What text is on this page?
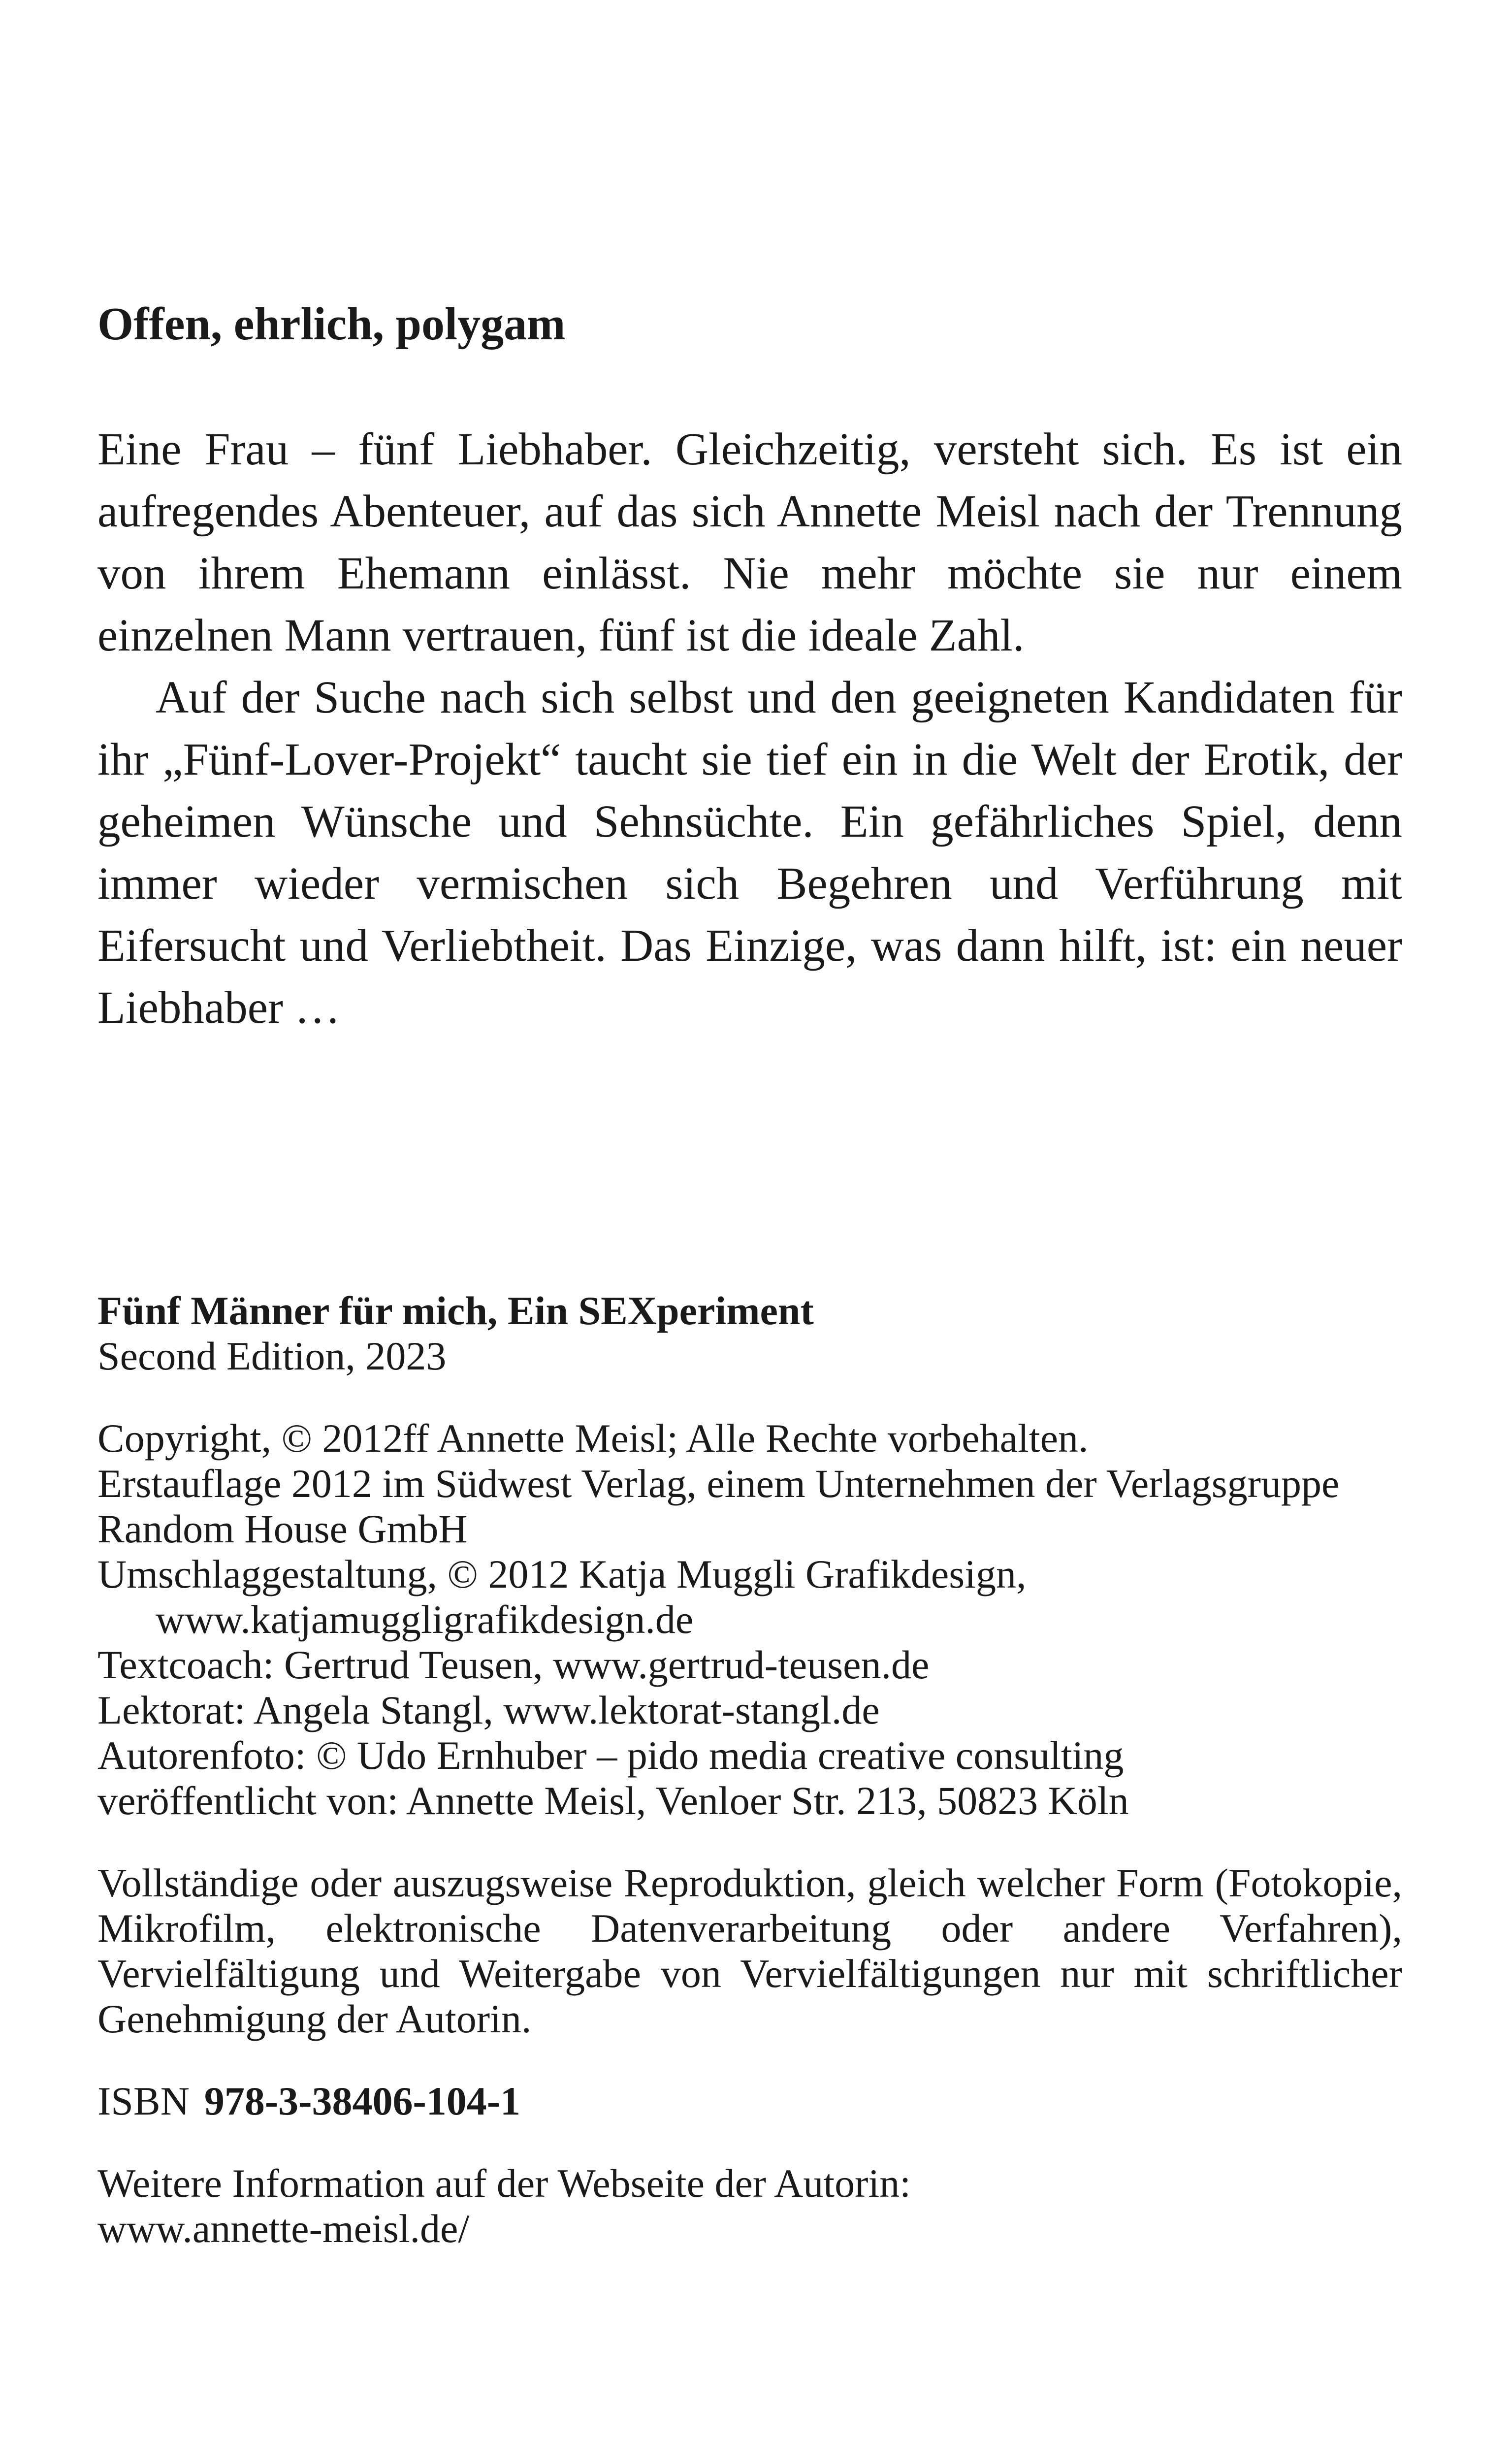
Offen, ehrlich, polygam

Eine Frau – fünf Liebhaber. Gleichzeitig, versteht sich. Es ist ein aufregendes Abenteuer, auf das sich Annette Meisl nach der Trennung von ihrem Ehemann einlässt. Nie mehr möchte sie nur einem einzelnen Mann vertrauen, fünf ist die ideale Zahl.

Auf der Suche nach sich selbst und den geeigneten Kandidaten für ihr „Fünf-Lover-Projekt“ taucht sie tief ein in die Welt der Erotik, der geheimen Wünsche und Sehnsüchte. Ein gefährliches Spiel, denn immer wieder vermischen sich Begehren und Verführung mit Eifersucht und Verliebtheit. Das Einzige, was dann hilft, ist: ein neuer Liebhaber …

Fünf Männer für mich, Ein SEXperiment
Second Edition, 2023
Copyright, © 2012ff Annette Meisl; Alle Rechte vorbehalten.
Erstauflage 2012 im Südwest Verlag, einem Unternehmen der Verlagsgruppe
Random House GmbH
Umschlaggestaltung, © 2012 Katja Muggli Grafikdesign,
www.katjamuggligrafikdesign.de
Textcoach: Gertrud Teusen, www.gertrud-teusen.de
Lektorat: Angela Stangl, www.lektorat-stangl.de
Autorenfoto: © Udo Ernhuber – pido media creative consulting
veröffentlicht von: Annette Meisl, Venloer Str. 213, 50823 Köln
Vollständige oder auszugsweise Reproduktion, gleich welcher Form (Fotokopie, Mikrofilm, elektronische Datenverarbeitung oder andere Verfahren), Vervielfältigung und Weitergabe von Vervielfältigungen nur mit schriftlicher Genehmigung der Autorin.
ISBN 978-3-38406-104-1
Weitere Information auf der Webseite der Autorin:
www.annette-meisl.de/
